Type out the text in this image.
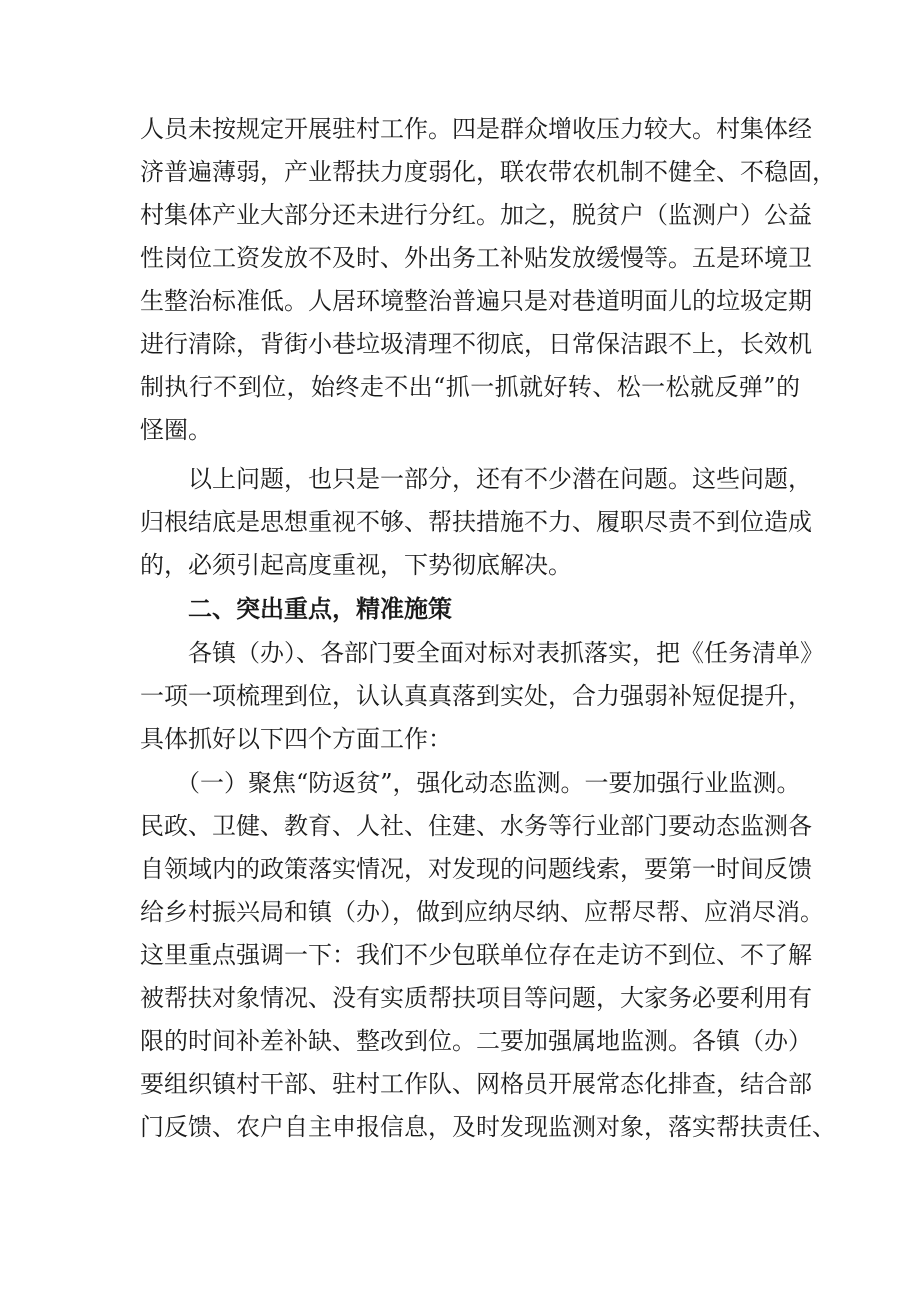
人员未按规定开展驻村工作。四是群众增收压力较大。村集体经
济普遍薄弱，产业帮扶力度弱化，联农带农机制不健全、不稳固，
村集体产业大部分还未进行分红。加之，脱贫户（监测户）公益
性岗位工资发放不及时、外出务工补贴发放缓慢等。五是环境卫
生整治标准低。人居环境整治普遍只是对巷道明面儿的垃圾定期
进行清除，背街小巷垃圾清理不彻底，日常保洁跟不上，长效机
制执行不到位，始终走不出“抓一抓就好转、松一松就反弹”的
怪圈。
以上问题，也只是一部分，还有不少潜在问题。这些问题，
归根结底是思想重视不够、帮扶措施不力、履职尽责不到位造成
的，必须引起高度重视，下势彻底解决。
二、突出重点，精准施策
各镇（办）、各部门要全面对标对表抓落实，把《任务清单》
一项一项梳理到位，认认真真落到实处，合力强弱补短促提升，
具体抓好以下四个方面工作：
（一）聚焦“防返贫”，强化动态监测。一要加强行业监测。
民政、卫健、教育、人社、住建、水务等行业部门要动态监测各
自领域内的政策落实情况，对发现的问题线索，要第一时间反馈
给乡村振兴局和镇（办），做到应纳尽纳、应帮尽帮、应消尽消。
这里重点强调一下：我们不少包联单位存在走访不到位、不了解
被帮扶对象情况、没有实质帮扶项目等问题，大家务必要利用有
限的时间补差补缺、整改到位。二要加强属地监测。各镇（办）
要组织镇村干部、驻村工作队、网格员开展常态化排查，结合部
门反馈、农户自主申报信息，及时发现监测对象，落实帮扶责任、
